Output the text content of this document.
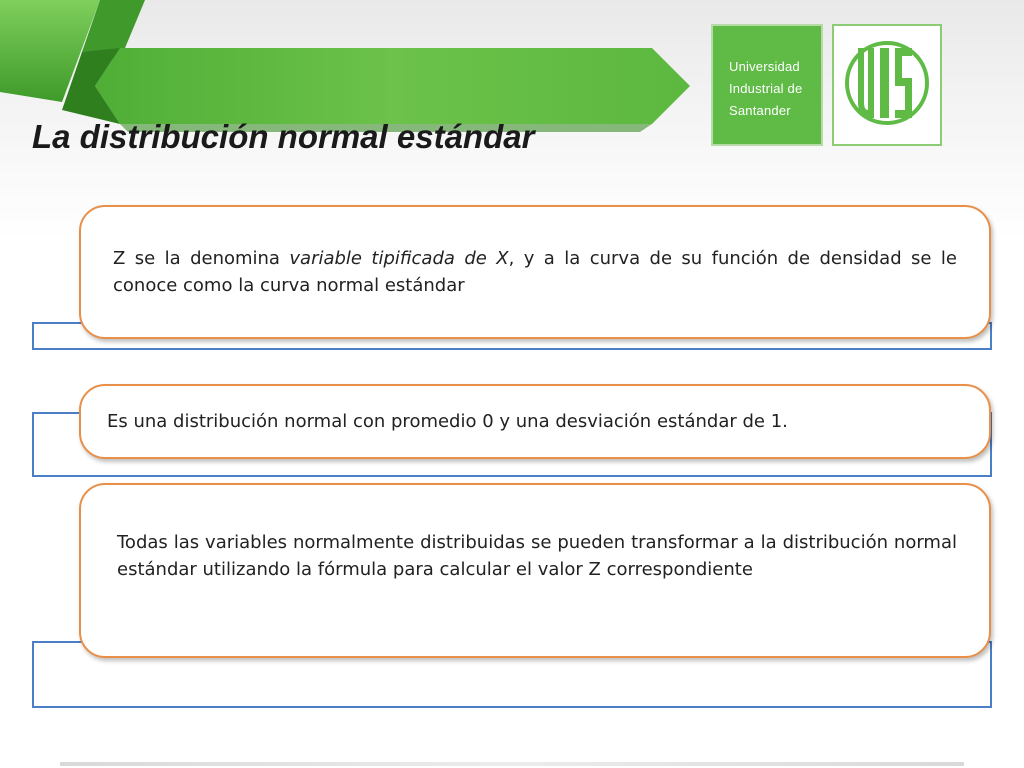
La distribución normal estándar
Universidad
Industrial de
Santander

Z se la denomina variable tipificada de X, y a la curva de su función de densidad se le conoce como la curva normal estándar

Es una distribución normal con promedio 0 y una desviación estándar de 1.

Todas las variables normalmente distribuidas se pueden transformar a la distribución normal estándar utilizando la fórmula para calcular el valor Z correspondiente
